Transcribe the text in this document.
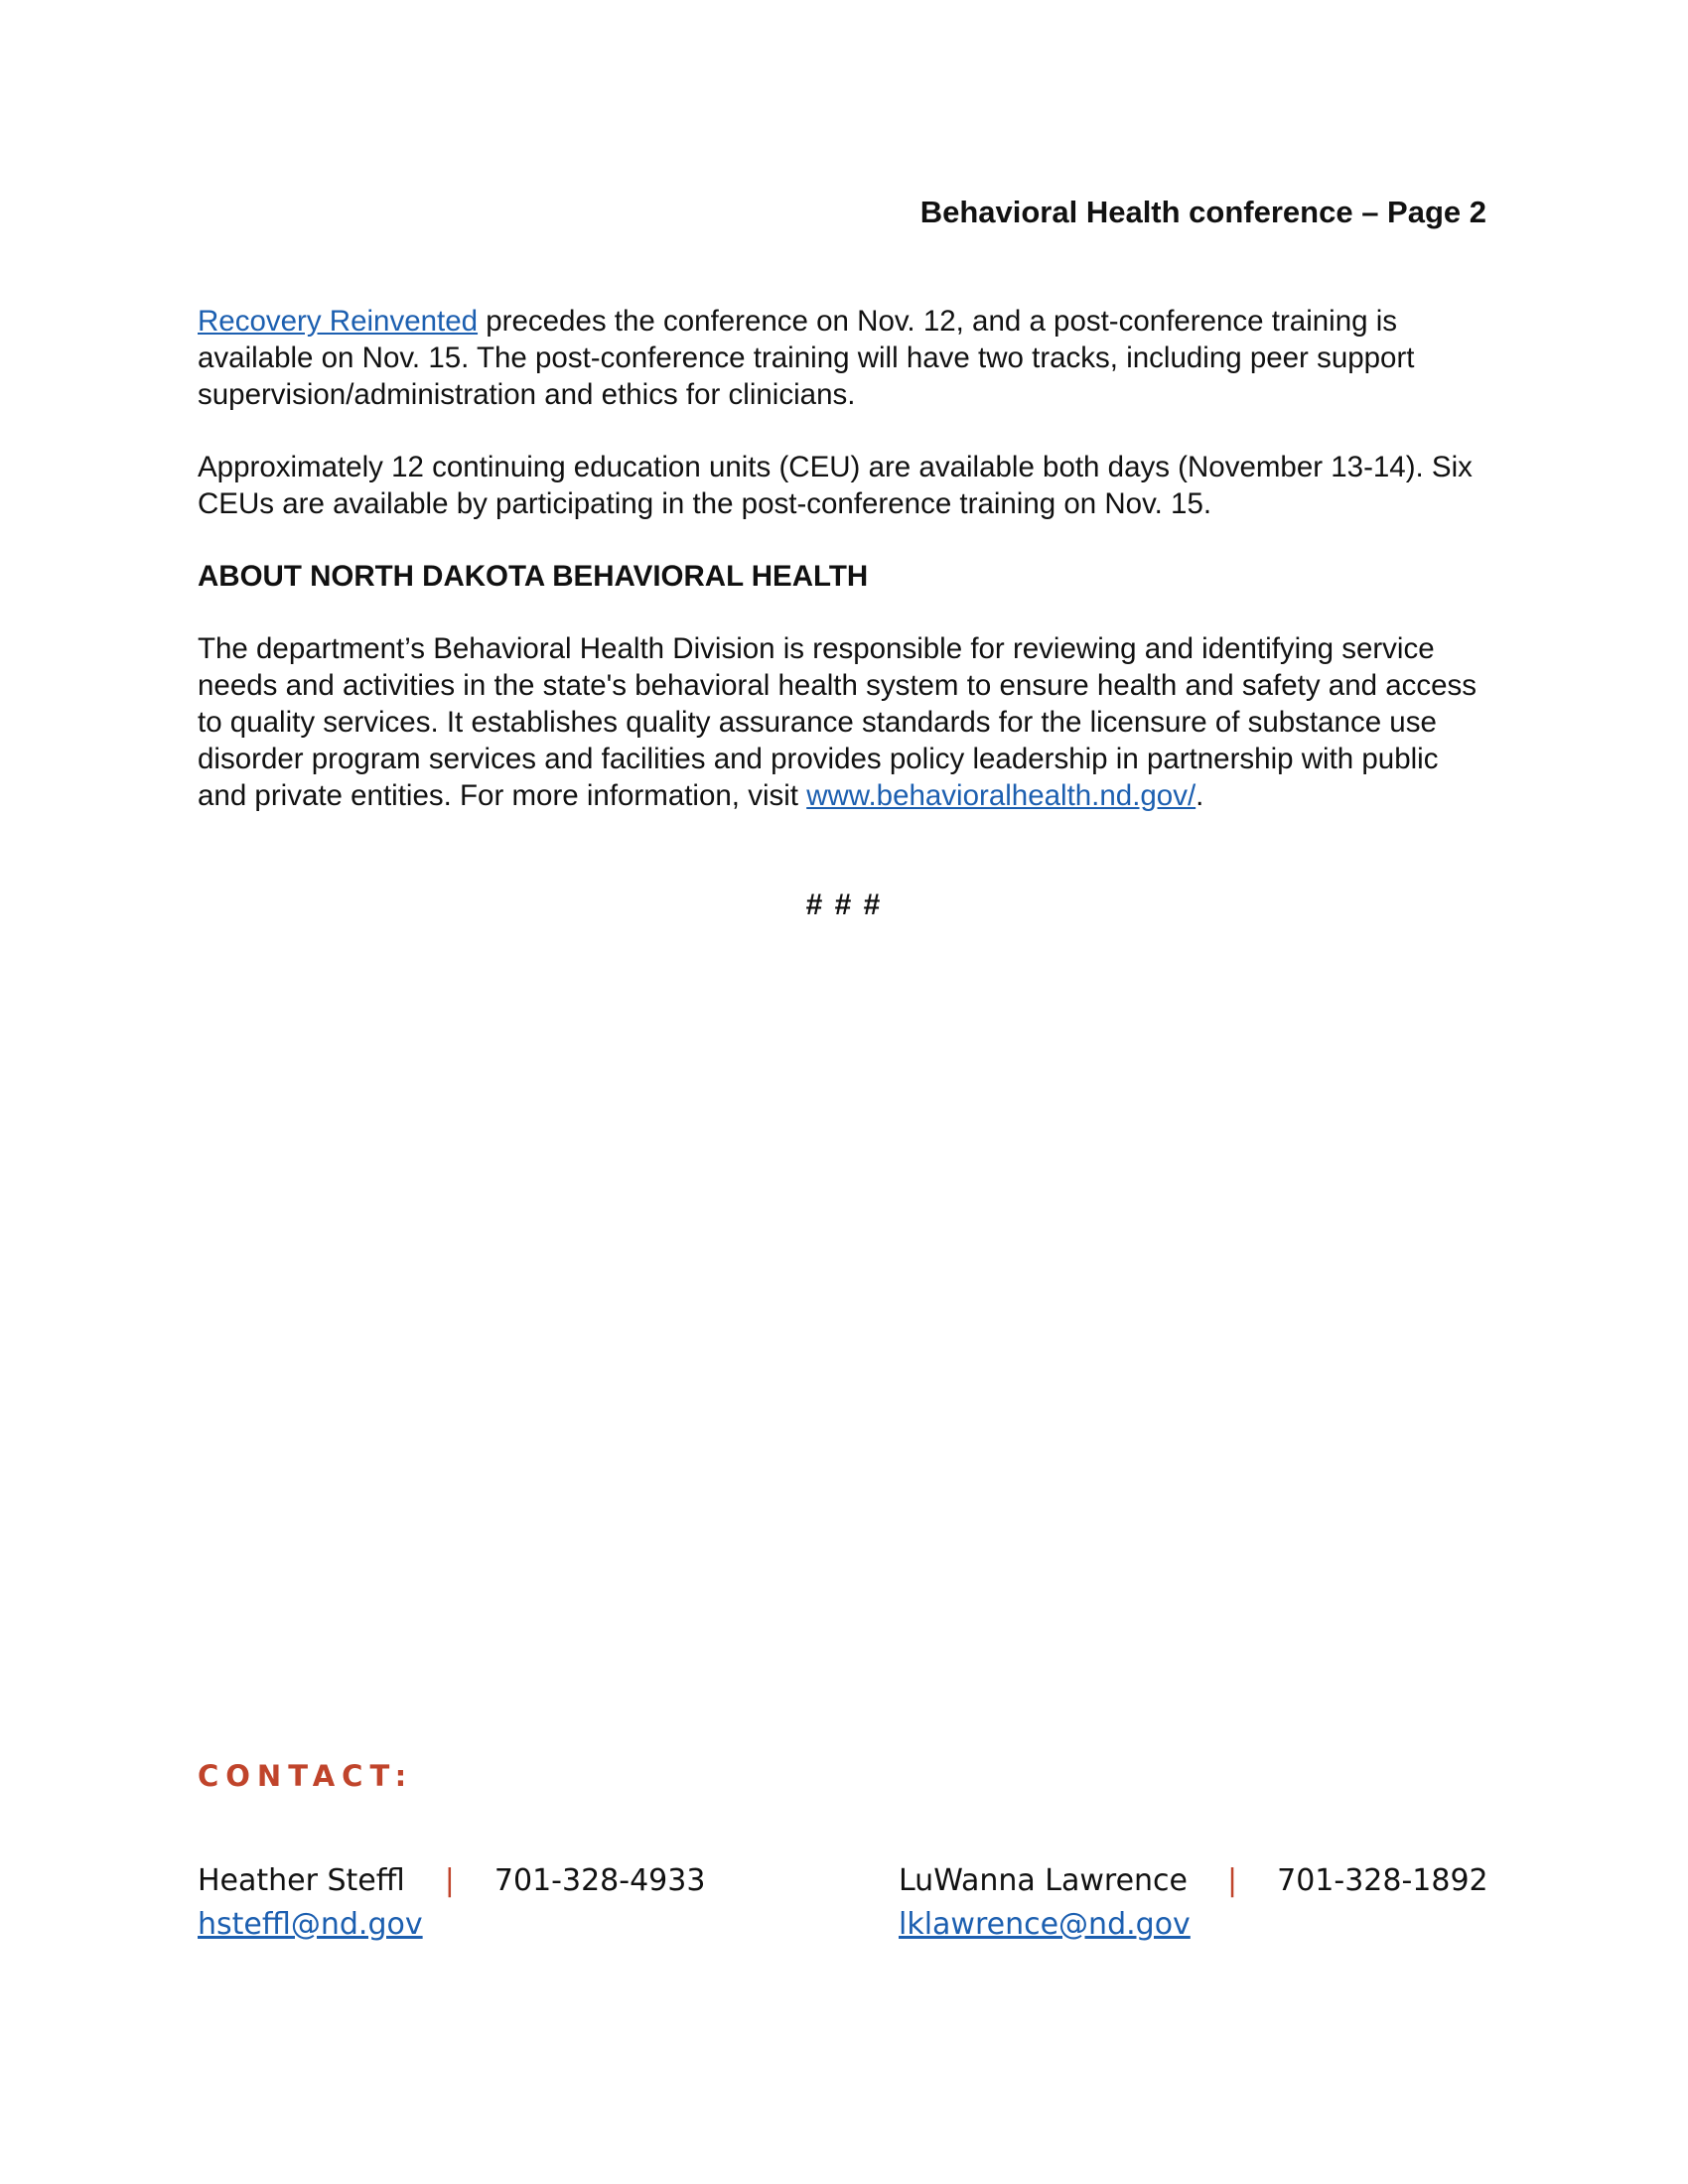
Behavioral Health conference – Page 2

Recovery Reinvented precedes the conference on Nov. 12, and a post-conference training is available on Nov. 15. The post-conference training will have two tracks, including peer support supervision/administration and ethics for clinicians.

Approximately 12 continuing education units (CEU) are available both days (November 13-14). Six CEUs are available by participating in the post-conference training on Nov. 15.

ABOUT NORTH DAKOTA BEHAVIORAL HEALTH

The department’s Behavioral Health Division is responsible for reviewing and identifying service needs and activities in the state's behavioral health system to ensure health and safety and access to quality services. It establishes quality assurance standards for the licensure of substance use disorder program services and facilities and provides policy leadership in partnership with public and private entities. For more information, visit www.behavioralhealth.nd.gov/.

# # #
CONTACT:
Heather Steffl | 701-328-4933
hsteffl@nd.gov
LuWanna Lawrence | 701-328-1892
lklawrence@nd.gov
